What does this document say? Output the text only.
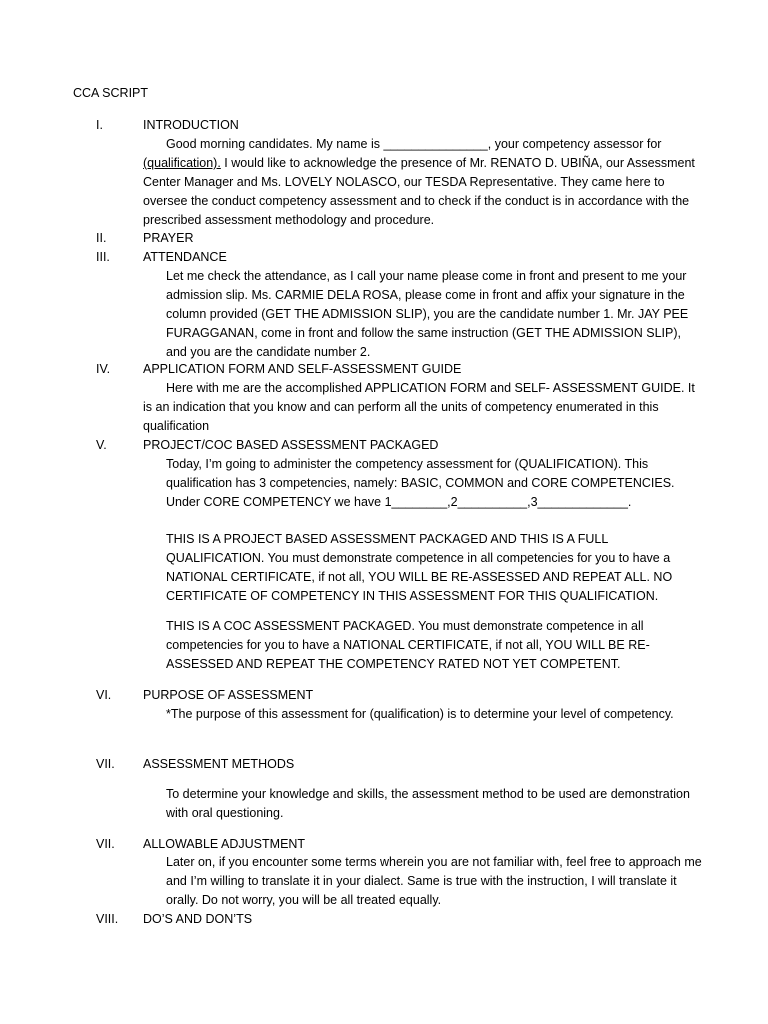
CCA SCRIPT
I.	INTRODUCTION

Good morning candidates. My name is _______________, your competency assessor for (qualification). I would like to acknowledge the presence of Mr. RENATO D. UBIÑA, our Assessment Center Manager and Ms. LOVELY NOLASCO, our TESDA Representative. They came here to oversee the conduct competency assessment and to check if the conduct is in accordance with the prescribed assessment methodology and procedure.

II.	PRAYER
III.	ATTENDANCE

Let me check the attendance, as I call your name please come in front and present to me your admission slip. Ms. CARMIE DELA ROSA, please come in front and affix your signature in the column provided (GET THE ADMISSION SLIP), you are the candidate number 1. Mr. JAY PEE FURAGGANAN, come in front and follow the same instruction (GET THE ADMISSION SLIP), and you are the candidate number 2.

IV.	APPLICATION FORM AND SELF-ASSESSMENT GUIDE

Here with me are the accomplished APPLICATION FORM and SELF- ASSESSMENT GUIDE. It is an indication that you know and can perform all the units of competency enumerated in this qualification

V.	PROJECT/COC BASED ASSESSMENT PACKAGED

Today, I’m going to administer the competency assessment for (QUALIFICATION). This qualification has 3 competencies, namely: BASIC, COMMON and CORE COMPETENCIES. Under CORE COMPETENCY we have 1________,2__________,3_____________.

THIS IS A PROJECT BASED ASSESSMENT PACKAGED AND THIS IS A FULL QUALIFICATION. You must demonstrate competence in all competencies for you to have a NATIONAL CERTIFICATE, if not all, YOU WILL BE RE-ASSESSED AND REPEAT ALL. NO CERTIFICATE OF COMPETENCY IN THIS ASSESSMENT FOR THIS QUALIFICATION.

THIS IS A COC ASSESSMENT PACKAGED. You must demonstrate competence in all competencies for you to have a NATIONAL CERTIFICATE, if not all, YOU WILL BE RE-ASSESSED AND REPEAT THE COMPETENCY RATED NOT YET COMPETENT.

VI.	PURPOSE OF ASSESSMENT

*The purpose of this assessment for (qualification) is to determine your level of competency.

VII. ASSESSMENT METHODS

To determine your knowledge and skills, the assessment method to be used are demonstration with oral questioning.

VII. ALLOWABLE ADJUSTMENT

Later on, if you encounter some terms wherein you are not familiar with, feel free to approach me and I’m willing to translate it in your dialect. Same is true with the instruction, I will translate it orally. Do not worry, you will be all treated equally.

VIII. DO’S AND DON’TS
